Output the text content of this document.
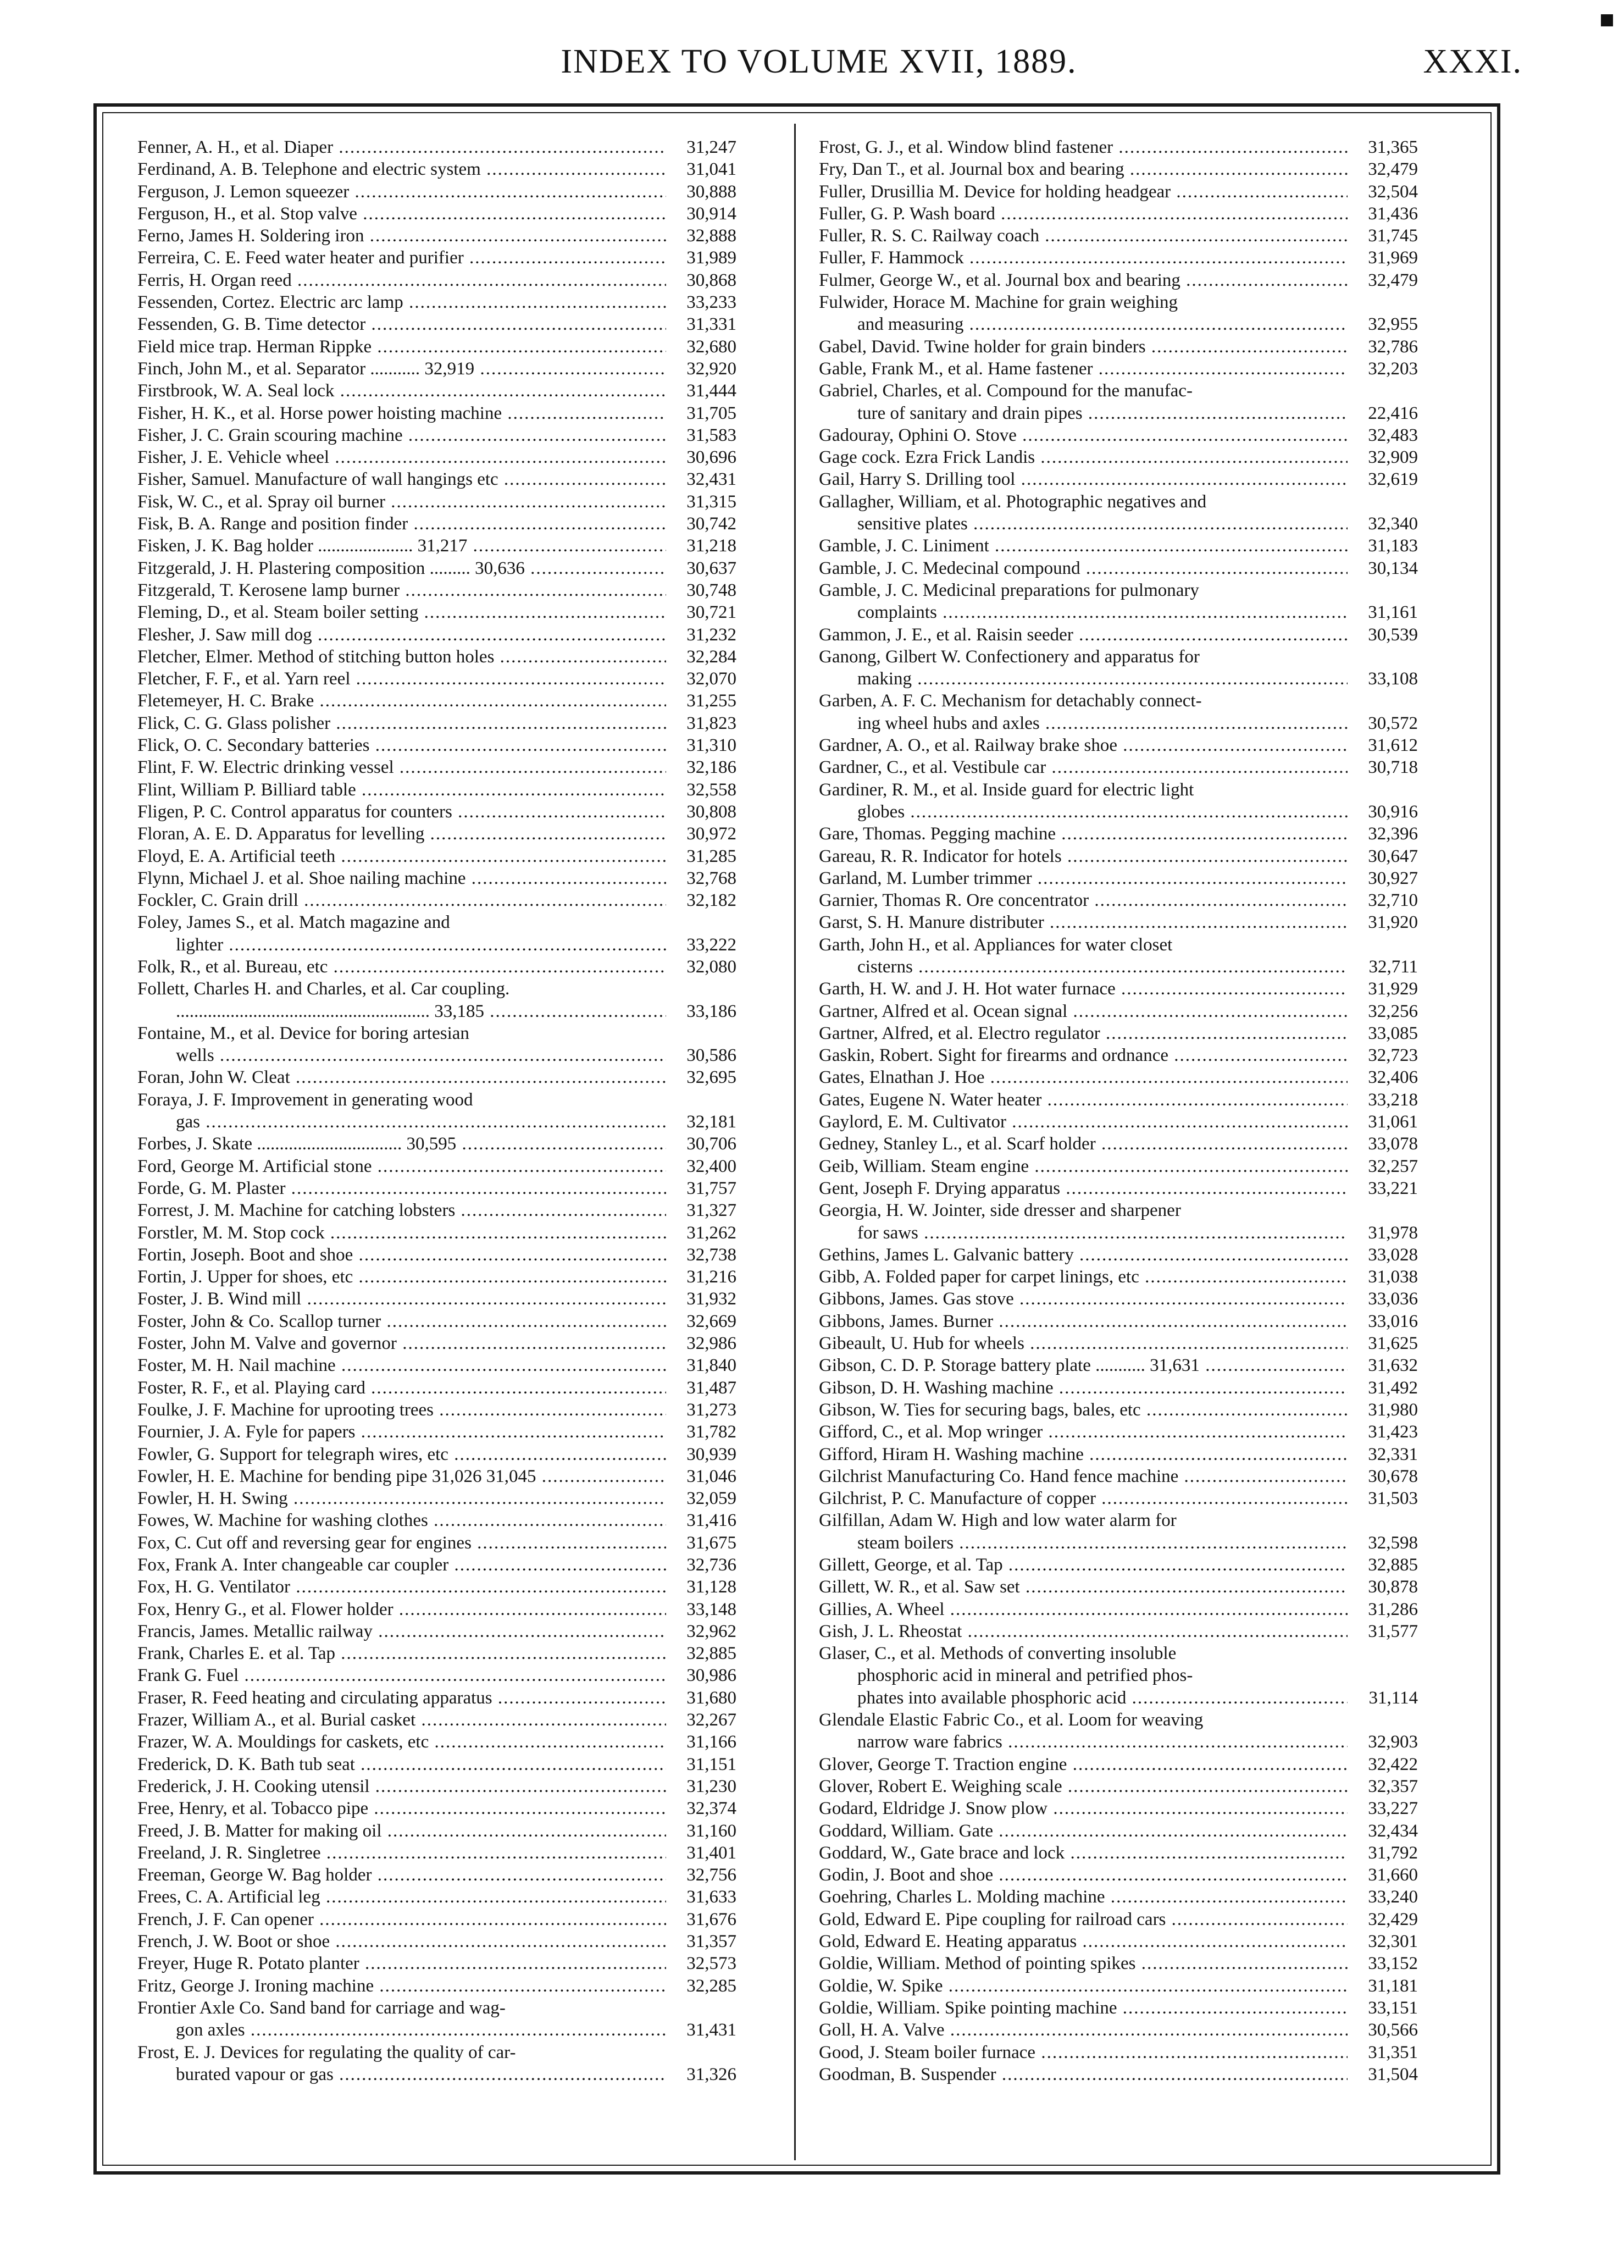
INDEX TO VOLUME XVII, 1889.	XXXI.
Fenner, A. H., et al. Diaper .....	31,247
Ferdinand, A. B. Telephone and electric system .....	31,041
Ferguson, J. Lemon squeezer .....	30,888
Ferguson, H., et al. Stop valve .....	30,914
Ferno, James H. Soldering iron .....	32,888
Ferreira, C. E. Feed water heater and purifier .....	31,989
Ferris, H. Organ reed .....	30,868
Fessenden, Cortez. Electric arc lamp .....	33,233
Fessenden, G. B. Time detector .....	31,331
Field mice trap. Herman Rippke .....	32,680
Finch, John M., et al. Separator ........... 32,919 .....	32,920
Firstbrook, W. A. Seal lock .....	31,444
Fisher, H. K., et al. Horse power hoisting machine .....	31,705
Fisher, J. C. Grain scouring machine .....	31,583
Fisher, J. E. Vehicle wheel .....	30,696
Fisher, Samuel. Manufacture of wall hangings etc .....	32,431
Fisk, W. C., et al. Spray oil burner .....	31,315
Fisk, B. A. Range and position finder .....	30,742
Fisken, J. K. Bag holder ..................... 31,217 .....	31,218
Fitzgerald, J. H. Plastering composition ......... 30,636 .....	30,637
Fitzgerald, T. Kerosene lamp burner .....	30,748
Fleming, D., et al. Steam boiler setting .....	30,721
Flesher, J. Saw mill dog .....	31,232
Fletcher, Elmer. Method of stitching button holes .....	32,284
Fletcher, F. F., et al. Yarn reel .....	32,070
Fletemeyer, H. C. Brake .....	31,255
Flick, C. G. Glass polisher .....	31,823
Flick, O. C. Secondary batteries .....	31,310
Flint, F. W. Electric drinking vessel .....	32,186
Flint, William P. Billiard table .....	32,558
Fligen, P. C. Control apparatus for counters .....	30,808
Floran, A. E. D. Apparatus for levelling .....	30,972
Floyd, E. A. Artificial teeth .....	31,285
Flynn, Michael J. et al. Shoe nailing machine .....	32,768
Fockler, C. Grain drill .....	32,182
Foley, James S., et al. Match magazine and
lighter .....	33,222
Folk, R., et al. Bureau, etc .....	32,080
Follett, Charles H. and Charles, et al. Car coupling.
........................................................ 33,185 .....	33,186
Fontaine, M., et al. Device for boring artesian
wells .....	30,586
Foran, John W. Cleat .....	32,695
Foraya, J. F. Improvement in generating wood
gas .....	32,181
Forbes, J. Skate ................................ 30,595 .....	30,706
Ford, George M. Artificial stone .....	32,400
Forde, G. M. Plaster .....	31,757
Forrest, J. M. Machine for catching lobsters .....	31,327
Forstler, M. M. Stop cock .....	31,262
Fortin, Joseph. Boot and shoe .....	32,738
Fortin, J. Upper for shoes, etc .....	31,216
Foster, J. B. Wind mill .....	31,932
Foster, John & Co. Scallop turner .....	32,669
Foster, John M. Valve and governor .....	32,986
Foster, M. H. Nail machine .....	31,840
Foster, R. F., et al. Playing card .....	31,487
Foulke, J. F. Machine for uprooting trees .....	31,273
Fournier, J. A. Fyle for papers .....	31,782
Fowler, G. Support for telegraph wires, etc .....	30,939
Fowler, H. E. Machine for bending pipe 31,026 31,045 .....	31,046
Fowler, H. H. Swing .....	32,059
Fowes, W. Machine for washing clothes .....	31,416
Fox, C. Cut off and reversing gear for engines .....	31,675
Fox, Frank A. Inter changeable car coupler .....	32,736
Fox, H. G. Ventilator .....	31,128
Fox, Henry G., et al. Flower holder .....	33,148
Francis, James. Metallic railway .....	32,962
Frank, Charles E. et al. Tap .....	32,885
Frank G. Fuel .....	30,986
Fraser, R. Feed heating and circulating apparatus .....	31,680
Frazer, William A., et al. Burial casket .....	32,267
Frazer, W. A. Mouldings for caskets, etc .....	31,166
Frederick, D. K. Bath tub seat .....	31,151
Frederick, J. H. Cooking utensil .....	31,230
Free, Henry, et al. Tobacco pipe .....	32,374
Freed, J. B. Matter for making oil .....	31,160
Freeland, J. R. Singletree .....	31,401
Freeman, George W. Bag holder .....	32,756
Frees, C. A. Artificial leg .....	31,633
French, J. F. Can opener .....	31,676
French, J. W. Boot or shoe .....	31,357
Freyer, Huge R. Potato planter .....	32,573
Fritz, George J. Ironing machine .....	32,285
Frontier Axle Co. Sand band for carriage and wag-
gon axles .....	31,431
Frost, E. J. Devices for regulating the quality of car-
burated vapour or gas .....	31,326
Frost, G. J., et al. Window blind fastener .....	31,365
Fry, Dan T., et al. Journal box and bearing .....	32,479
Fuller, Drusillia M. Device for holding headgear .....	32,504
Fuller, G. P. Wash board .....	31,436
Fuller, R. S. C. Railway coach .....	31,745
Fuller, F. Hammock .....	31,969
Fulmer, George W., et al. Journal box and bearing .....	32,479
Fulwider, Horace M. Machine for grain weighing
and measuring .....	32,955
Gabel, David. Twine holder for grain binders .....	32,786
Gable, Frank M., et al. Hame fastener .....	32,203
Gabriel, Charles, et al. Compound for the manufac-
ture of sanitary and drain pipes .....	22,416
Gadouray, Ophini O. Stove .....	32,483
Gage cock. Ezra Frick Landis .....	32,909
Gail, Harry S. Drilling tool .....	32,619
Gallagher, William, et al. Photographic negatives and
sensitive plates .....	32,340
Gamble, J. C. Liniment .....	31,183
Gamble, J. C. Medecinal compound .....	30,134
Gamble, J. C. Medicinal preparations for pulmonary
complaints .....	31,161
Gammon, J. E., et al. Raisin seeder .....	30,539
Ganong, Gilbert W. Confectionery and apparatus for
making .....	33,108
Garben, A. F. C. Mechanism for detachably connect-
ing wheel hubs and axles .....	30,572
Gardner, A. O., et al. Railway brake shoe .....	31,612
Gardner, C., et al. Vestibule car .....	30,718
Gardiner, R. M., et al. Inside guard for electric light
globes .....	30,916
Gare, Thomas. Pegging machine .....	32,396
Gareau, R. R. Indicator for hotels .....	30,647
Garland, M. Lumber trimmer .....	30,927
Garnier, Thomas R. Ore concentrator .....	32,710
Garst, S. H. Manure distributer .....	31,920
Garth, John H., et al. Appliances for water closet
cisterns .....	32,711
Garth, H. W. and J. H. Hot water furnace .....	31,929
Gartner, Alfred et al. Ocean signal .....	32,256
Gartner, Alfred, et al. Electro regulator .....	33,085
Gaskin, Robert. Sight for firearms and ordnance .....	32,723
Gates, Elnathan J. Hoe .....	32,406
Gates, Eugene N. Water heater .....	33,218
Gaylord, E. M. Cultivator .....	31,061
Gedney, Stanley L., et al. Scarf holder .....	33,078
Geib, William. Steam engine .....	32,257
Gent, Joseph F. Drying apparatus .....	33,221
Georgia, H. W. Jointer, side dresser and sharpener
for saws .....	31,978
Gethins, James L. Galvanic battery .....	33,028
Gibb, A. Folded paper for carpet linings, etc .....	31,038
Gibbons, James. Gas stove .....	33,036
Gibbons, James. Burner .....	33,016
Gibeault, U. Hub for wheels .....	31,625
Gibson, C. D. P. Storage battery plate ........... 31,631 .....	31,632
Gibson, D. H. Washing machine .....	31,492
Gibson, W. Ties for securing bags, bales, etc .....	31,980
Gifford, C., et al. Mop wringer .....	31,423
Gifford, Hiram H. Washing machine .....	32,331
Gilchrist Manufacturing Co. Hand fence machine .....	30,678
Gilchrist, P. C. Manufacture of copper .....	31,503
Gilfillan, Adam W. High and low water alarm for
steam boilers .....	32,598
Gillett, George, et al. Tap .....	32,885
Gillett, W. R., et al. Saw set .....	30,878
Gillies, A. Wheel .....	31,286
Gish, J. L. Rheostat .....	31,577
Glaser, C., et al. Methods of converting insoluble
phosphoric acid in mineral and petrified phos-
phates into available phosphoric acid .....	31,114
Glendale Elastic Fabric Co., et al. Loom for weaving
narrow ware fabrics .....	32,903
Glover, George T. Traction engine .....	32,422
Glover, Robert E. Weighing scale .....	32,357
Godard, Eldridge J. Snow plow .....	33,227
Goddard, William. Gate .....	32,434
Goddard, W., Gate brace and lock .....	31,792
Godin, J. Boot and shoe .....	31,660
Goehring, Charles L. Molding machine .....	33,240
Gold, Edward E. Pipe coupling for railroad cars .....	32,429
Gold, Edward E. Heating apparatus .....	32,301
Goldie, William. Method of pointing spikes .....	33,152
Goldie, W. Spike .....	31,181
Goldie, William. Spike pointing machine .....	33,151
Goll, H. A. Valve .....	30,566
Good, J. Steam boiler furnace .....	31,351
Goodman, B. Suspender .....	31,504
